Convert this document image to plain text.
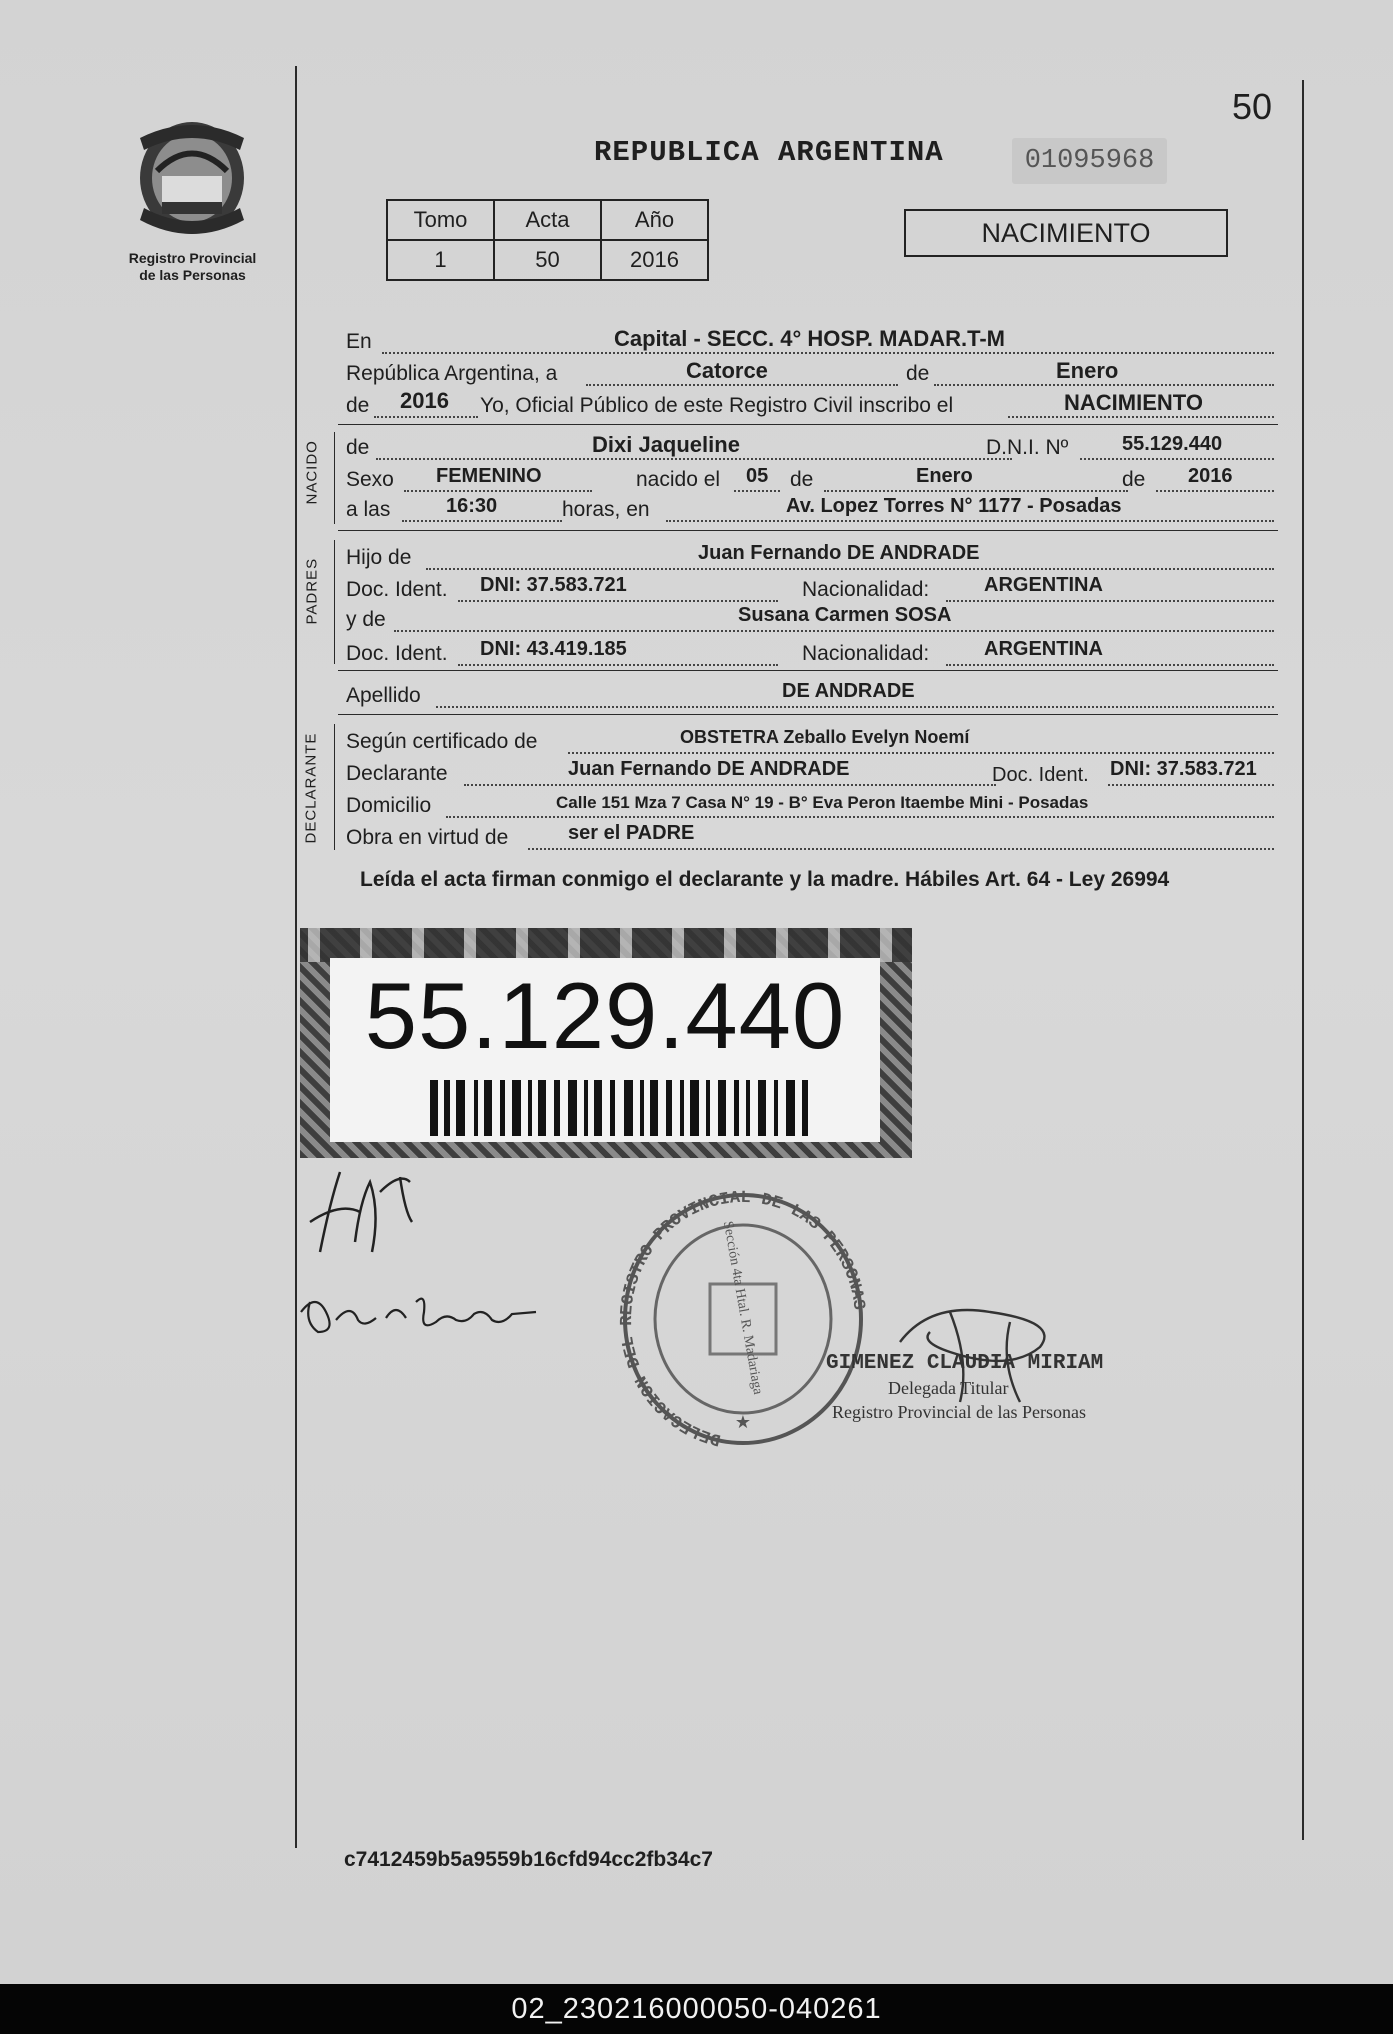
Registro Provincial
de las Personas
50
REPUBLICA ARGENTINA	01095968
Tomo	Acta	Año
1	50	2016
NACIMIENTO
En	Capital - SECC. 4° HOSP. MADAR.T-M
República Argentina, a	Catorce	de	Enero
de 2016 Yo, Oficial Público de este Registro Civil inscribo el	NACIMIENTO
NACIDO de	Dixi Jaqueline	D.N.I. Nº	55.129.440
Sexo FEMENINO	nacido el 05 de	Enero	de 2016
a las	16:30	horas, en	Av. Lopez Torres N° 1177 - Posadas
PADRES
Hijo de	Juan Fernando DE ANDRADE
Doc. Ident. DNI: 37.583.721	Nacionalidad:	ARGENTINA
y de	Susana Carmen SOSA
Doc. Ident. DNI: 43.419.185	Nacionalidad:	ARGENTINA
Apellido	DE ANDRADE
DECLARANTE Según certificado de	OBSTETRA Zeballo Evelyn Noemí
Declarante	Juan Fernando DE ANDRADE	Doc. Ident. DNI: 37.583.721
Domicilio	Calle 151 Mza 7 Casa N° 19 - B° Eva Peron Itaembe Mini - Posadas
Obra en virtud de	ser el PADRE
Leída el acta firman conmigo el declarante y la madre. Hábiles Art. 64 - Ley 26994
55.129.440
DELEGACION DEL REGISTRO PROVINCIAL DE LAS PERSONAS
★
Sección 4ta Htal. R. Madariaga	GIMENEZ CLAUDIA MIRIAM
Delegada Titular
Registro Provincial de las Personas
c7412459b5a9559b16cfd94cc2fb34c7
02_230216000050-040261
